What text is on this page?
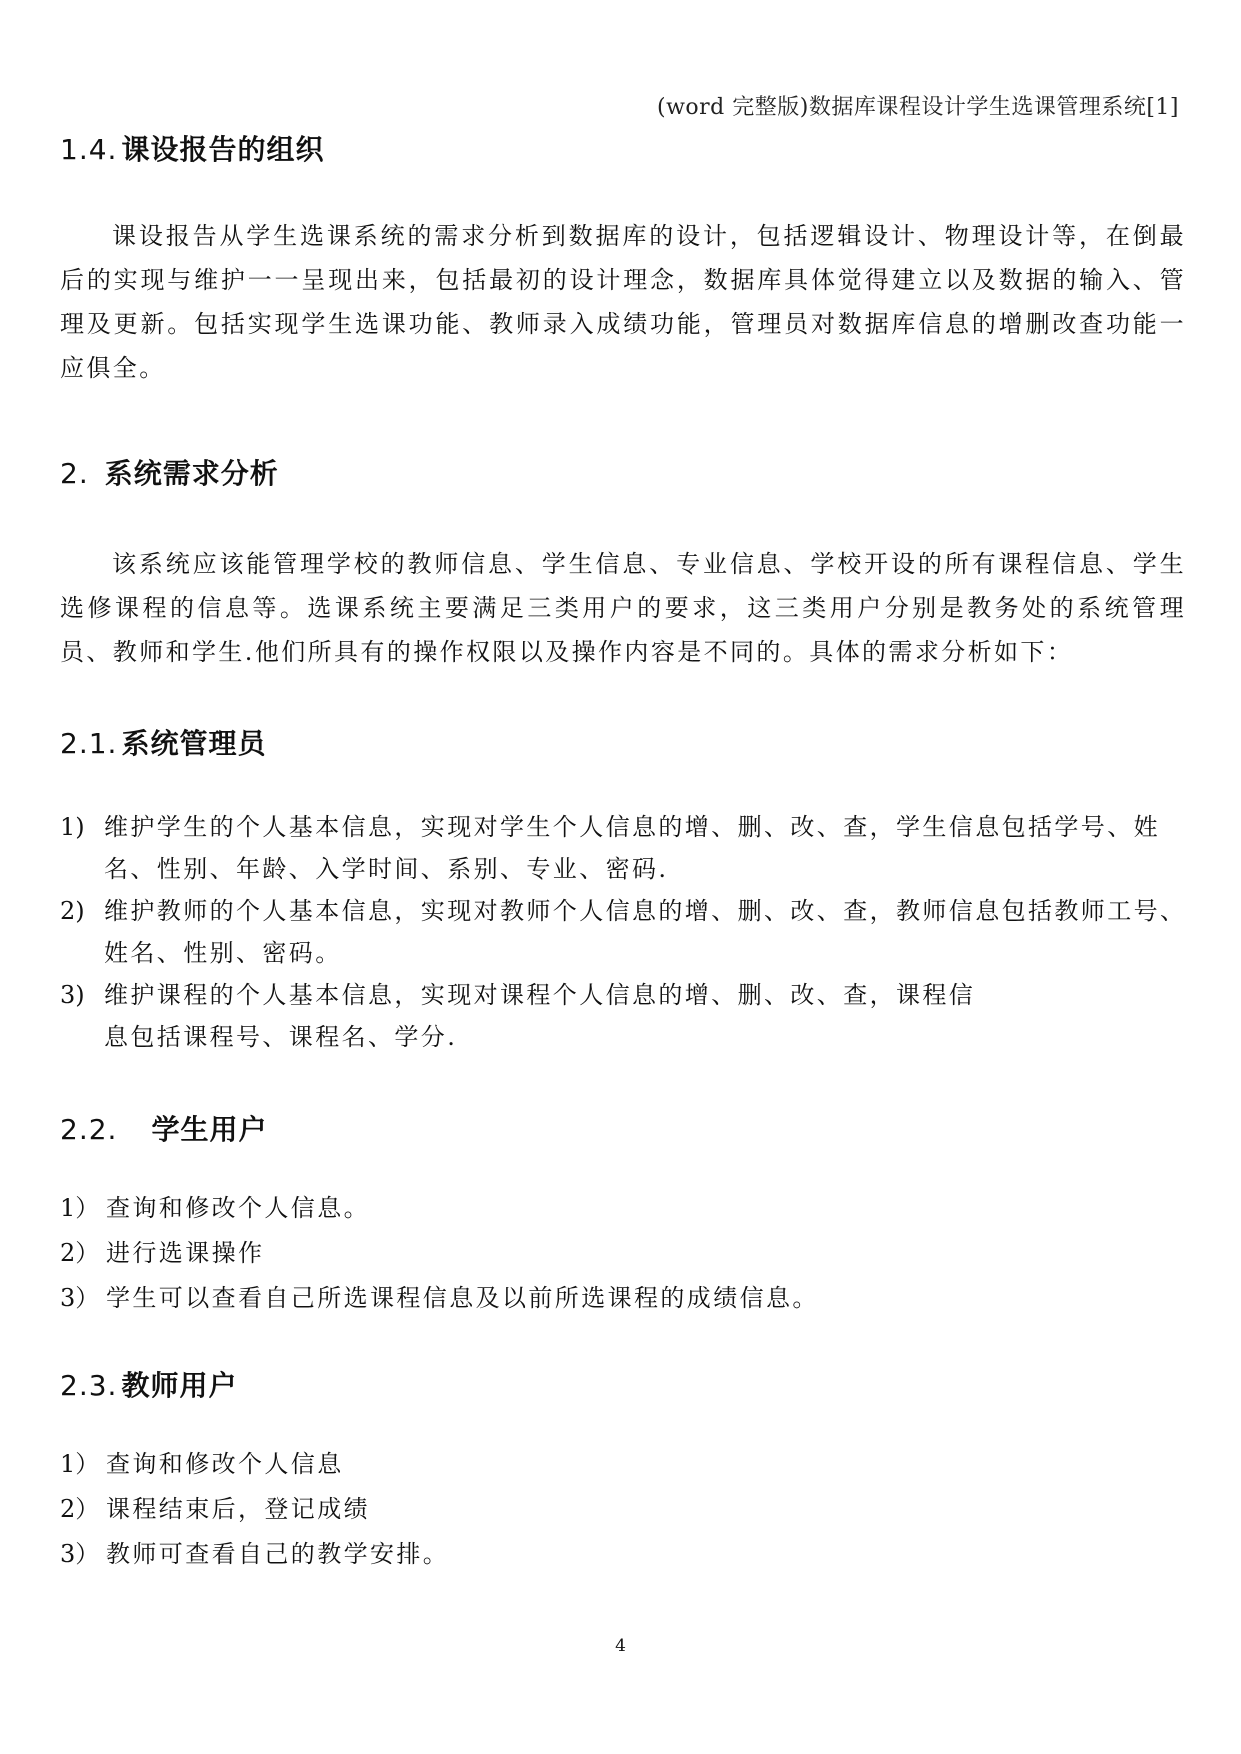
(word 完整版)数据库课程设计学生选课管理系统[1]
1.4. 课设报告的组织

课设报告从学生选课系统的需求分析到数据库的设计，包括逻辑设计、物理设计等，在倒最后的实现与维护一一呈现出来，包括最初的设计理念，数据库具体觉得建立以及数据的输入、管理及更新。包括实现学生选课功能、教师录入成绩功能，管理员对数据库信息的增删改查功能一应俱全。

2. 系统需求分析

该系统应该能管理学校的教师信息、学生信息、专业信息、学校开设的所有课程信息、学生选修课程的信息等。选课系统主要满足三类用户的要求，这三类用户分别是教务处的系统管理员、教师和学生.他们所具有的操作权限以及操作内容是不同的。具体的需求分析如下：

2.1. 系统管理员
1) 维护学生的个人基本信息，实现对学生个人信息的增、删、改、查，学生信息包括学号、姓名、性别、年龄、入学时间、系别、专业、密码.
2) 维护教师的个人基本信息，实现对教师个人信息的增、删、改、查，教师信息包括教师工号、姓名、性别、密码。
3) 维护课程的个人基本信息，实现对课程个人信息的增、删、改、查，课程信
息包括课程号、课程名、学分.
2.2. 学生用户
1） 查询和修改个人信息。
2） 进行选课操作
3） 学生可以查看自己所选课程信息及以前所选课程的成绩信息。
2.3. 教师用户
1） 查询和修改个人信息
2） 课程结束后，登记成绩
3） 教师可查看自己的教学安排。
4
